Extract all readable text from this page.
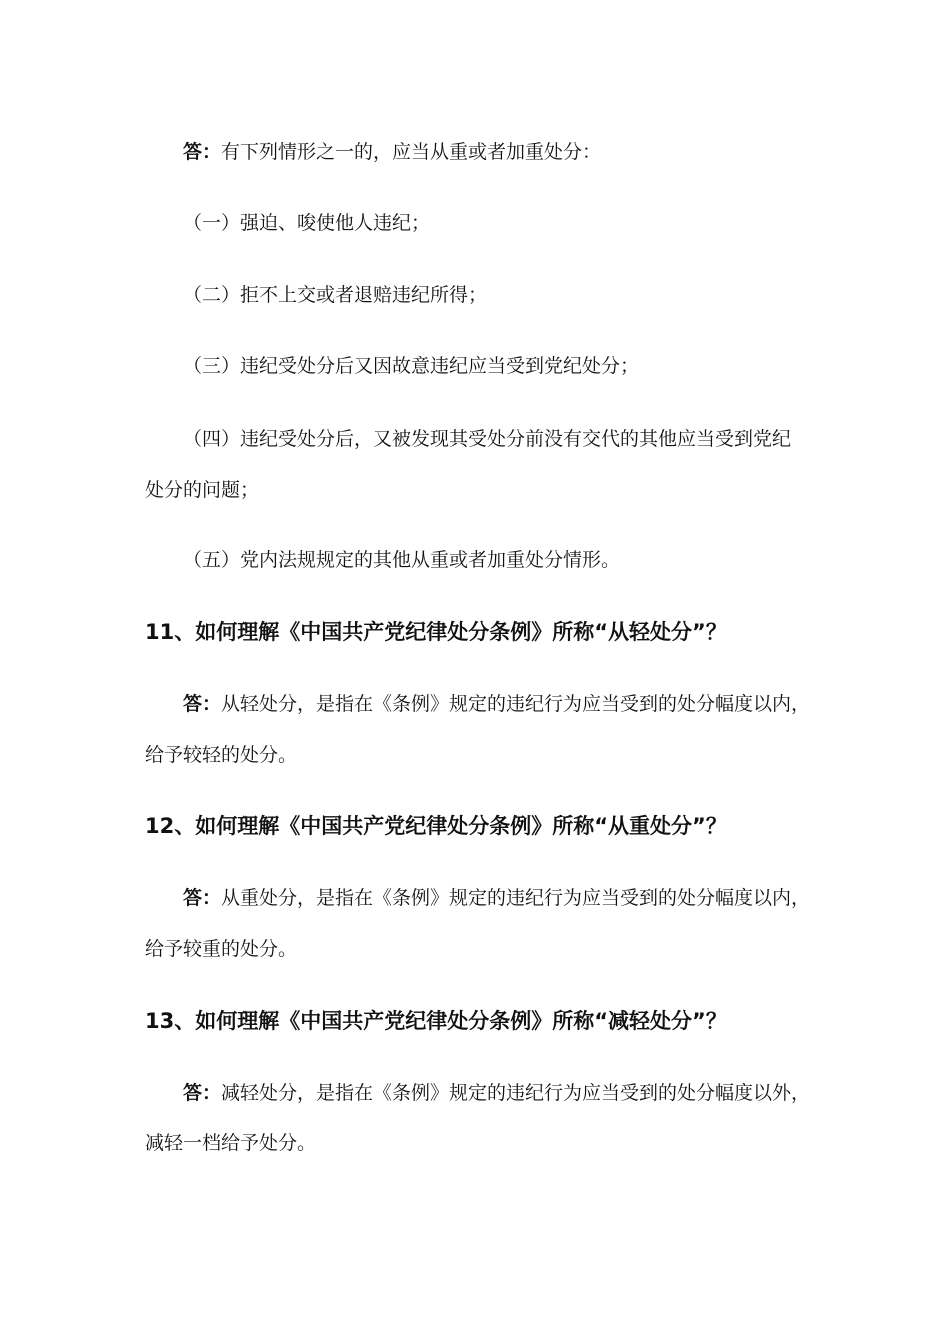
答：有下列情形之一的，应当从重或者加重处分：
（一）强迫、唆使他人违纪；
（二）拒不上交或者退赔违纪所得；
（三）违纪受处分后又因故意违纪应当受到党纪处分；
（四）违纪受处分后，又被发现其受处分前没有交代的其他应当受到党纪
处分的问题；
（五）党内法规规定的其他从重或者加重处分情形。
11、如何理解《中国共产党纪律处分条例》所称“从轻处分”？
答：从轻处分，是指在《条例》规定的违纪行为应当受到的处分幅度以内，
给予较轻的处分。
12、如何理解《中国共产党纪律处分条例》所称“从重处分”？
答：从重处分，是指在《条例》规定的违纪行为应当受到的处分幅度以内，
给予较重的处分。
13、如何理解《中国共产党纪律处分条例》所称“减轻处分”？
答：减轻处分，是指在《条例》规定的违纪行为应当受到的处分幅度以外，
减轻一档给予处分。
